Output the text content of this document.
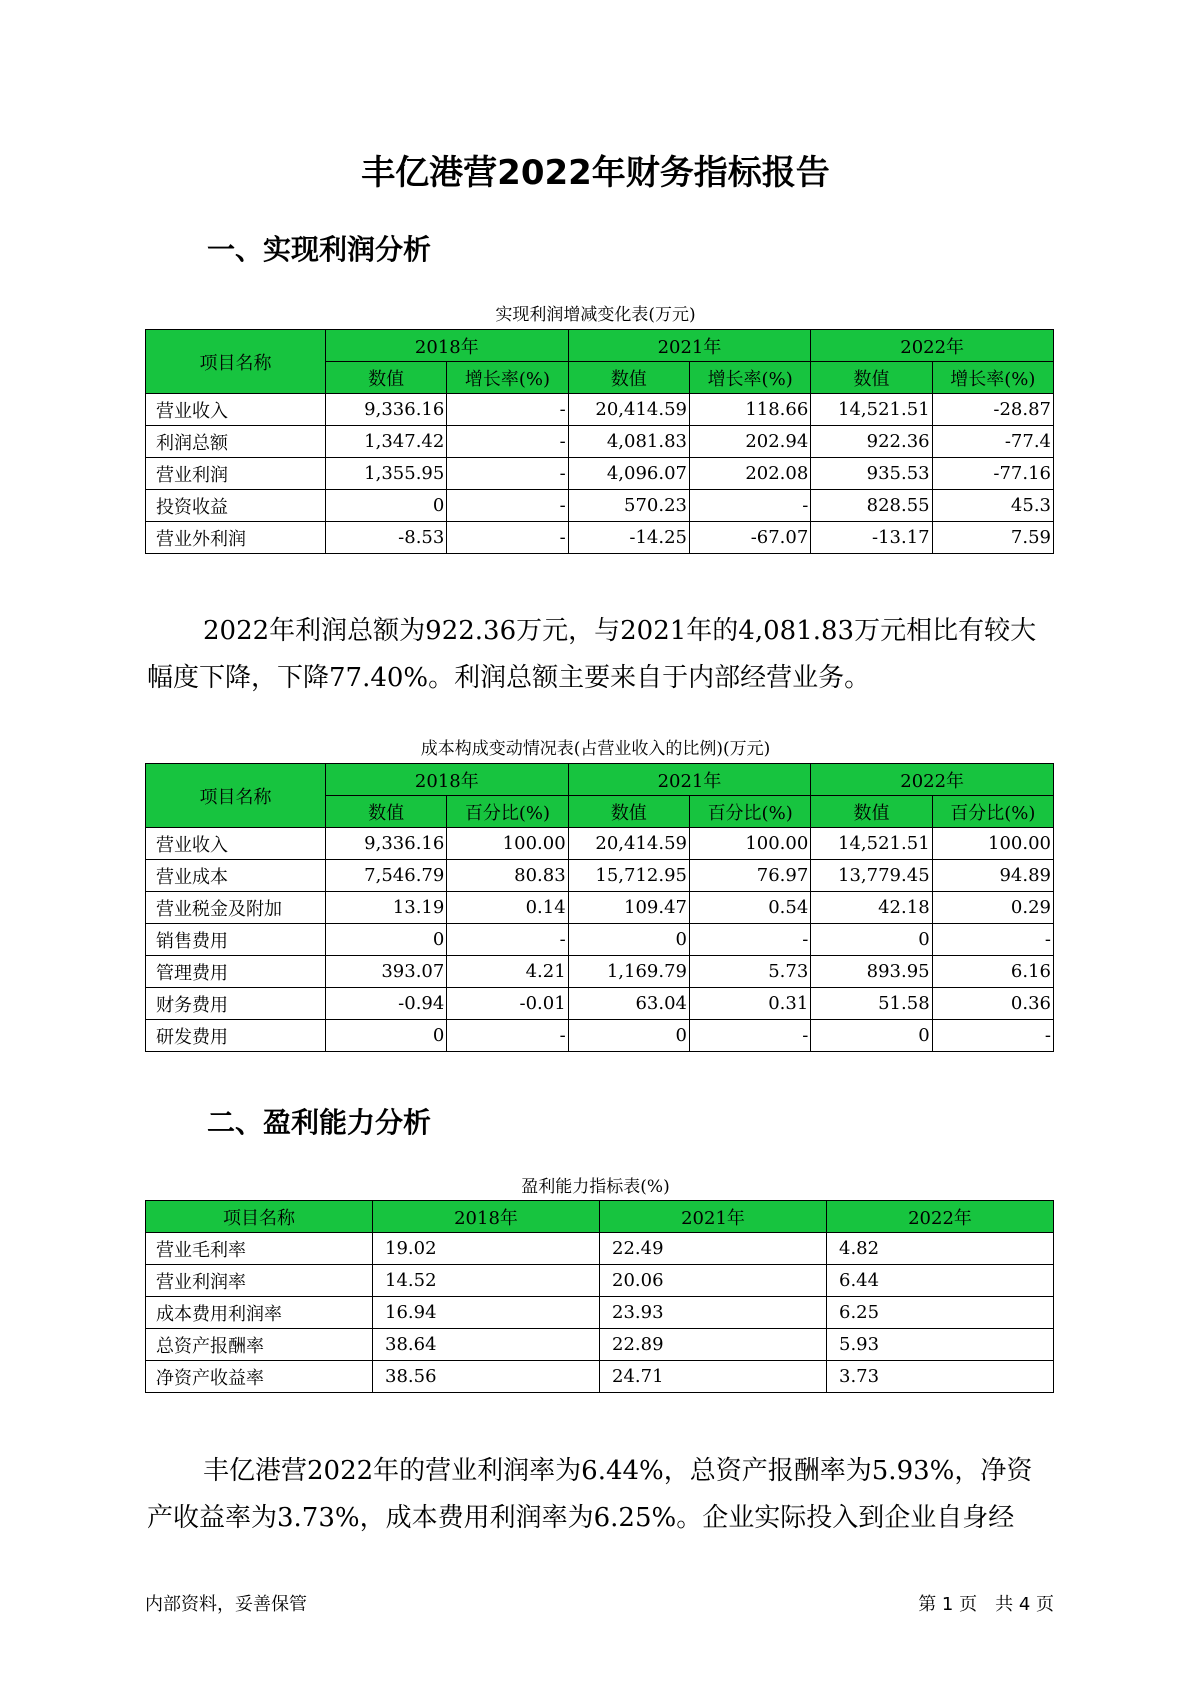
丰亿港营2022年财务指标报告
一、实现利润分析
实现利润增减变化表(万元)
项目名称	2018年		2021年		2022年	
	数值	增长率(%)	数值	增长率(%)	数值	增长率(%)
营业收入	9,336.16	-	20,414.59	118.66	14,521.51	-28.87
利润总额	1,347.42	-	4,081.83	202.94	922.36	-77.4
营业利润	1,355.95	-	4,096.07	202.08	935.53	-77.16
投资收益	0	-	570.23	-	828.55	45.3
营业外利润	-8.53	-	-14.25	-67.07	-13.17	7.59

2022年利润总额为922.36万元，与2021年的4,081.83万元相比有较大幅度下降，下降77.40%。利润总额主要来自于内部经营业务。

成本构成变动情况表(占营业收入的比例)(万元)
项目名称	2018年		2021年		2022年	
	数值	百分比(%)	数值	百分比(%)	数值	百分比(%)
营业收入	9,336.16	100.00	20,414.59	100.00	14,521.51	100.00
营业成本	7,546.79	80.83	15,712.95	76.97	13,779.45	94.89
营业税金及附加	13.19	0.14	109.47	0.54	42.18	0.29
销售费用	0	-	0	-	0	-
管理费用	393.07	4.21	1,169.79	5.73	893.95	6.16
财务费用	-0.94	-0.01	63.04	0.31	51.58	0.36
研发费用	0	-	0	-	0	-
二、盈利能力分析
盈利能力指标表(%)
项目名称	2018年	2021年	2022年
营业毛利率	19.02	22.49	4.82
营业利润率	14.52	20.06	6.44
成本费用利润率	16.94	23.93	6.25
总资产报酬率	38.64	22.89	5.93
净资产收益率	38.56	24.71	3.73

丰亿港营2022年的营业利润率为6.44%，总资产报酬率为5.93%，净资产收益率为3.73%，成本费用利润率为6.25%。企业实际投入到企业自身经

内部资料，妥善保管	第 1 页　共 4 页
